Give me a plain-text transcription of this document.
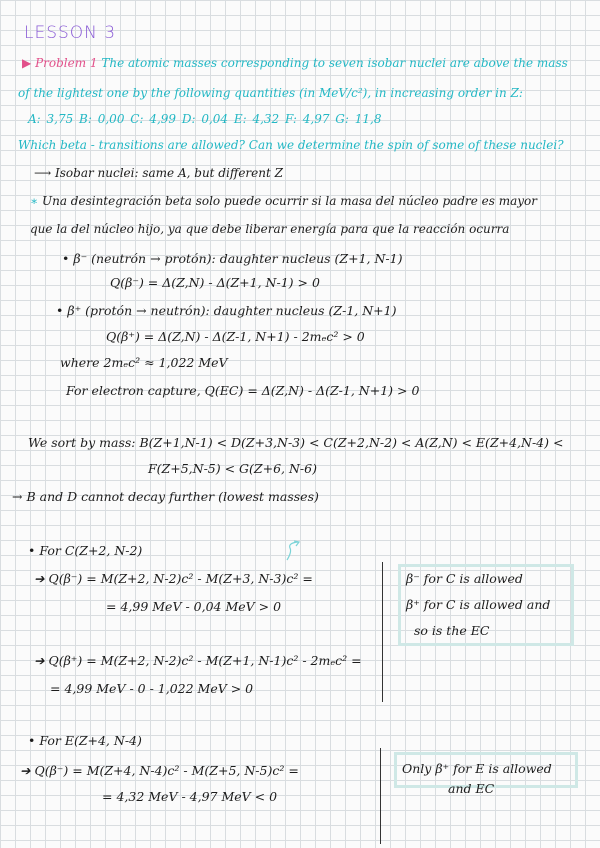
LESSON 3
▶ Problem 1 The atomic masses corresponding to seven isobar nuclei are above the mass
of the lightest one by the following quantities (in MeV/c²), in increasing order in Z:
A: 3,75 B: 0,00 C: 4,99 D: 0,04 E: 4,32 F: 4,97 G: 11,8
Which beta - transitions are allowed? Can we determine the spin of some of these nuclei?
⟶ Isobar nuclei: same A, but different Z
∗ Una desintegración beta solo puede ocurrir si la masa del núcleo padre es mayor
que la del núcleo hijo, ya que debe liberar energía para que la reacción ocurra
• β⁻ (neutrón → protón): daughter nucleus (Z+1, N-1)
Q(β⁻) = Δ(Z,N) - Δ(Z+1, N-1) > 0
• β⁺ (protón → neutrón): daughter nucleus (Z-1, N+1)
Q(β⁺) = Δ(Z,N) - Δ(Z-1, N+1) - 2mₑc² > 0
where 2mₑc² ≈ 1,022 MeV
For electron capture, Q(EC) = Δ(Z,N) - Δ(Z-1, N+1) > 0
We sort by mass: B(Z+1,N-1) < D(Z+3,N-3) < C(Z+2,N-2) < A(Z,N) < E(Z+4,N-4) <
F(Z+5,N-5) < G(Z+6, N-6)
→ B and D cannot decay further (lowest masses)
• For C(Z+2, N-2)
➔ Q(β⁻) = M(Z+2, N-2)c² - M(Z+3, N-3)c² =
= 4,99 MeV - 0,04 MeV > 0
➔ Q(β⁺) = M(Z+2, N-2)c² - M(Z+1, N-1)c² - 2mₑc² =
= 4,99 MeV - 0 - 1,022 MeV > 0
β⁻ for C is allowed
β⁺ for C is allowed and
so is the EC
• For E(Z+4, N-4)
➔ Q(β⁻) = M(Z+4, N-4)c² - M(Z+5, N-5)c² =
= 4,32 MeV - 4,97 MeV < 0
Only β⁺ for E is allowed
and EC
